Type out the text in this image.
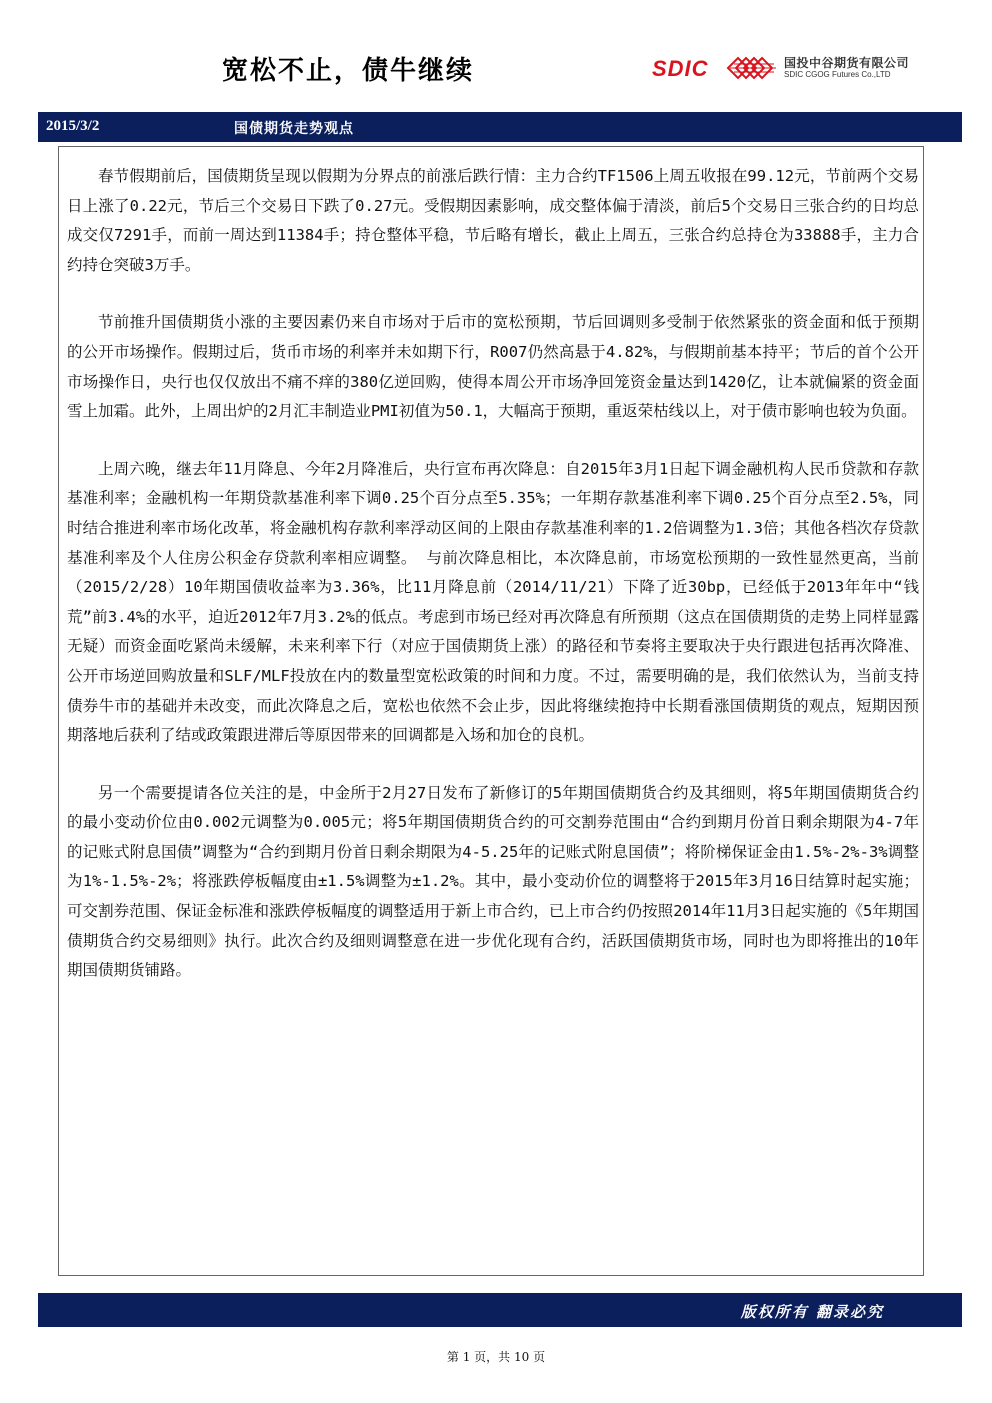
宽松不止，债牛继续	SDIC	国投中谷期货有限公司
SDIC CGOG Futures Co.,LTD
2015/3/2	国债期货走势观点

春节假期前后，国债期货呈现以假期为分界点的前涨后跌行情：主力合约TF1506上周五收报在99.12元，节前两个交易日上涨了0.22元，节后三个交易日下跌了0.27元。受假期因素影响，成交整体偏于清淡，前后5个交易日三张合约的日均总成交仅7291手，而前一周达到11384手；持仓整体平稳，节后略有增长，截止上周五，三张合约总持仓为33888手，主力合约持仓突破3万手。

节前推升国债期货小涨的主要因素仍来自市场对于后市的宽松预期，节后回调则多受制于依然紧张的资金面和低于预期的公开市场操作。假期过后，货币市场的利率并未如期下行，R007仍然高悬于4.82%，与假期前基本持平；节后的首个公开市场操作日，央行也仅仅放出不痛不痒的380亿逆回购，使得本周公开市场净回笼资金量达到1420亿，让本就偏紧的资金面雪上加霜。此外，上周出炉的2月汇丰制造业PMI初值为50.1，大幅高于预期，重返荣枯线以上，对于债市影响也较为负面。

上周六晚，继去年11月降息、今年2月降准后，央行宣布再次降息：自2015年3月1日起下调金融机构人民币贷款和存款基准利率；金融机构一年期贷款基准利率下调0.25个百分点至5.35%；一年期存款基准利率下调0.25个百分点至2.5%，同时结合推进利率市场化改革，将金融机构存款利率浮动区间的上限由存款基准利率的1.2倍调整为1.3倍；其他各档次存贷款基准利率及个人住房公积金存贷款利率相应调整。 与前次降息相比，本次降息前，市场宽松预期的一致性显然更高，当前（2015/2/28）10年期国债收益率为3.36%，比11月降息前（2014/11/21）下降了近30bp，已经低于2013年年中“钱荒”前3.4%的水平，迫近2012年7月3.2%的低点。考虑到市场已经对再次降息有所预期（这点在国债期货的走势上同样显露无疑）而资金面吃紧尚未缓解，未来利率下行（对应于国债期货上涨）的路径和节奏将主要取决于央行跟进包括再次降准、公开市场逆回购放量和SLF/MLF投放在内的数量型宽松政策的时间和力度。不过，需要明确的是，我们依然认为，当前支持债券牛市的基础并未改变，而此次降息之后，宽松也依然不会止步，因此将继续抱持中长期看涨国债期货的观点，短期因预期落地后获利了结或政策跟进滞后等原因带来的回调都是入场和加仓的良机。

另一个需要提请各位关注的是，中金所于2月27日发布了新修订的5年期国债期货合约及其细则，将5年期国债期货合约的最小变动价位由0.002元调整为0.005元；将5年期国债期货合约的可交割券范围由“合约到期月份首日剩余期限为4-7年的记账式附息国债”调整为“合约到期月份首日剩余期限为4-5.25年的记账式附息国债”；将阶梯保证金由1.5%-2%-3%调整为1%-1.5%-2%；将涨跌停板幅度由±1.5%调整为±1.2%。其中，最小变动价位的调整将于2015年3月16日结算时起实施；可交割券范围、保证金标准和涨跌停板幅度的调整适用于新上市合约，已上市合约仍按照2014年11月3日起实施的《5年期国债期货合约交易细则》执行。此次合约及细则调整意在进一步优化现有合约，活跃国债期货市场，同时也为即将推出的10年期国债期货铺路。

版权所有 翻录必究
第 1 页，共 10 页
